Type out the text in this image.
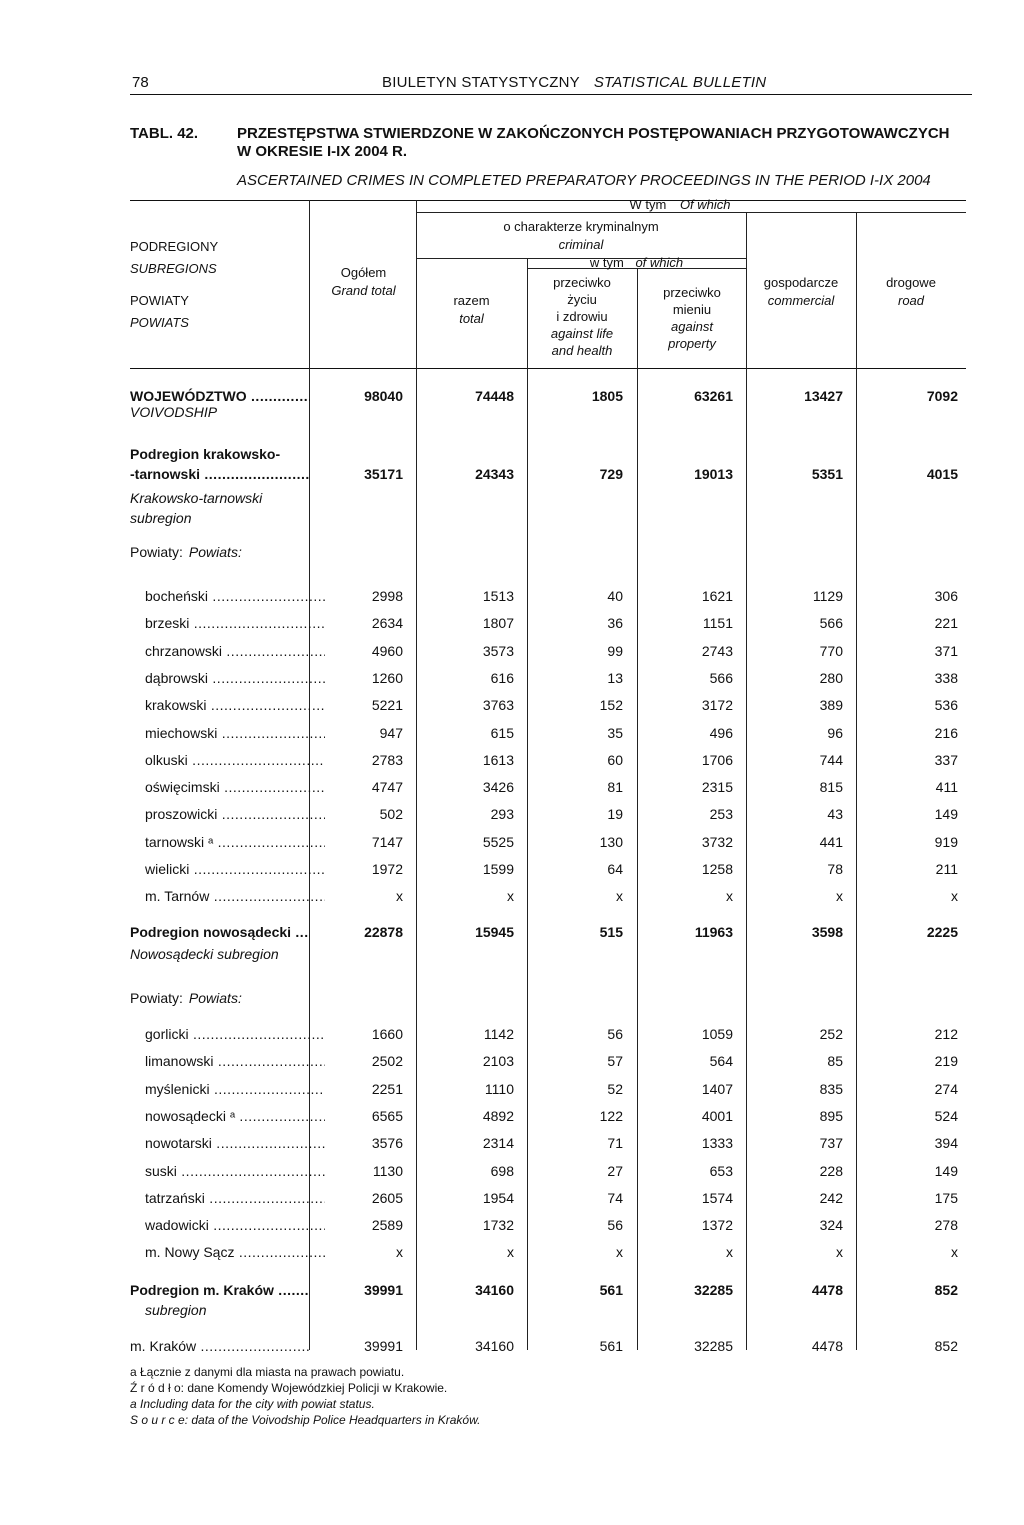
78	BIULETYN STATYSTYCZNY STATISTICAL BULLETIN
TABL. 42.	PRZESTĘPSTWA STWIERDZONE W ZAKOŃCZONYCH POSTĘPOWANIACH PRZYGOTOWAWCZYCH
W OKRESIE I-IX 2004 R.
ASCERTAINED CRIMES IN COMPLETED PREPARATORY PROCEEDINGS IN THE PERIOD I-IX 2004
PODREGIONY
SUBREGIONS
POWIATY
POWIATS
Ogółem
Grand total
W tym Of which
o charakterze kryminalnym
criminal
w tym of which
razem
total
przeciwko
życiu
i zdrowiu
against life
and health
przeciwko
mieniu
against
property
gospodarcze
commercial
drogowe
road
WOJEWÓDZTWO .....	98040	74448	1805	63261	13427	7092
VOIVODSHIP
Podregion krakowsko-
-tarnowski .....	35171	24343	729	19013	5351	4015
Krakowsko-tarnowski
subregion
Powiaty: Powiats:
bocheński .....	2998	1513	40	1621	1129	306
brzeski .....	2634	1807	36	1151	566	221
chrzanowski .....	4960	3573	99	2743	770	371
dąbrowski .....	1260	616	13	566	280	338
krakowski .....	5221	3763	152	3172	389	536
miechowski .....	947	615	35	496	96	216
olkuski .....	2783	1613	60	1706	744	337
oświęcimski .....	4747	3426	81	2315	815	411
proszowicki .....	502	293	19	253	43	149
tarnowski ᵃ .....	7147	5525	130	3732	441	919
wielicki .....	1972	1599	64	1258	78	211
m. Tarnów .....	x	x	x	x	x	x
Podregion nowosądecki .....	22878	15945	515	11963	3598	2225
Nowosądecki subregion
Powiaty: Powiats:
gorlicki .....	1660	1142	56	1059	252	212
limanowski .....	2502	2103	57	564	85	219
myślenicki .....	2251	1110	52	1407	835	274
nowosądecki ᵃ .....	6565	4892	122	4001	895	524
nowotarski .....	3576	2314	71	1333	737	394
suski .....	1130	698	27	653	228	149
tatrzański .....	2605	1954	74	1574	242	175
wadowicki .....	2589	1732	56	1372	324	278
m. Nowy Sącz .....	x	x	x	x	x	x
Podregion m. Kraków .....	39991	34160	561	32285	4478	852
subregion
m. Kraków .....	39991	34160	561	32285	4478	852
a Łącznie z danymi dla miasta na prawach powiatu.
Ź r ó d ł o: dane Komendy Wojewódzkiej Policji w Krakowie.
a Including data for the city with powiat status.
S o u r c e: data of the Voivodship Police Headquarters in Kraków.
